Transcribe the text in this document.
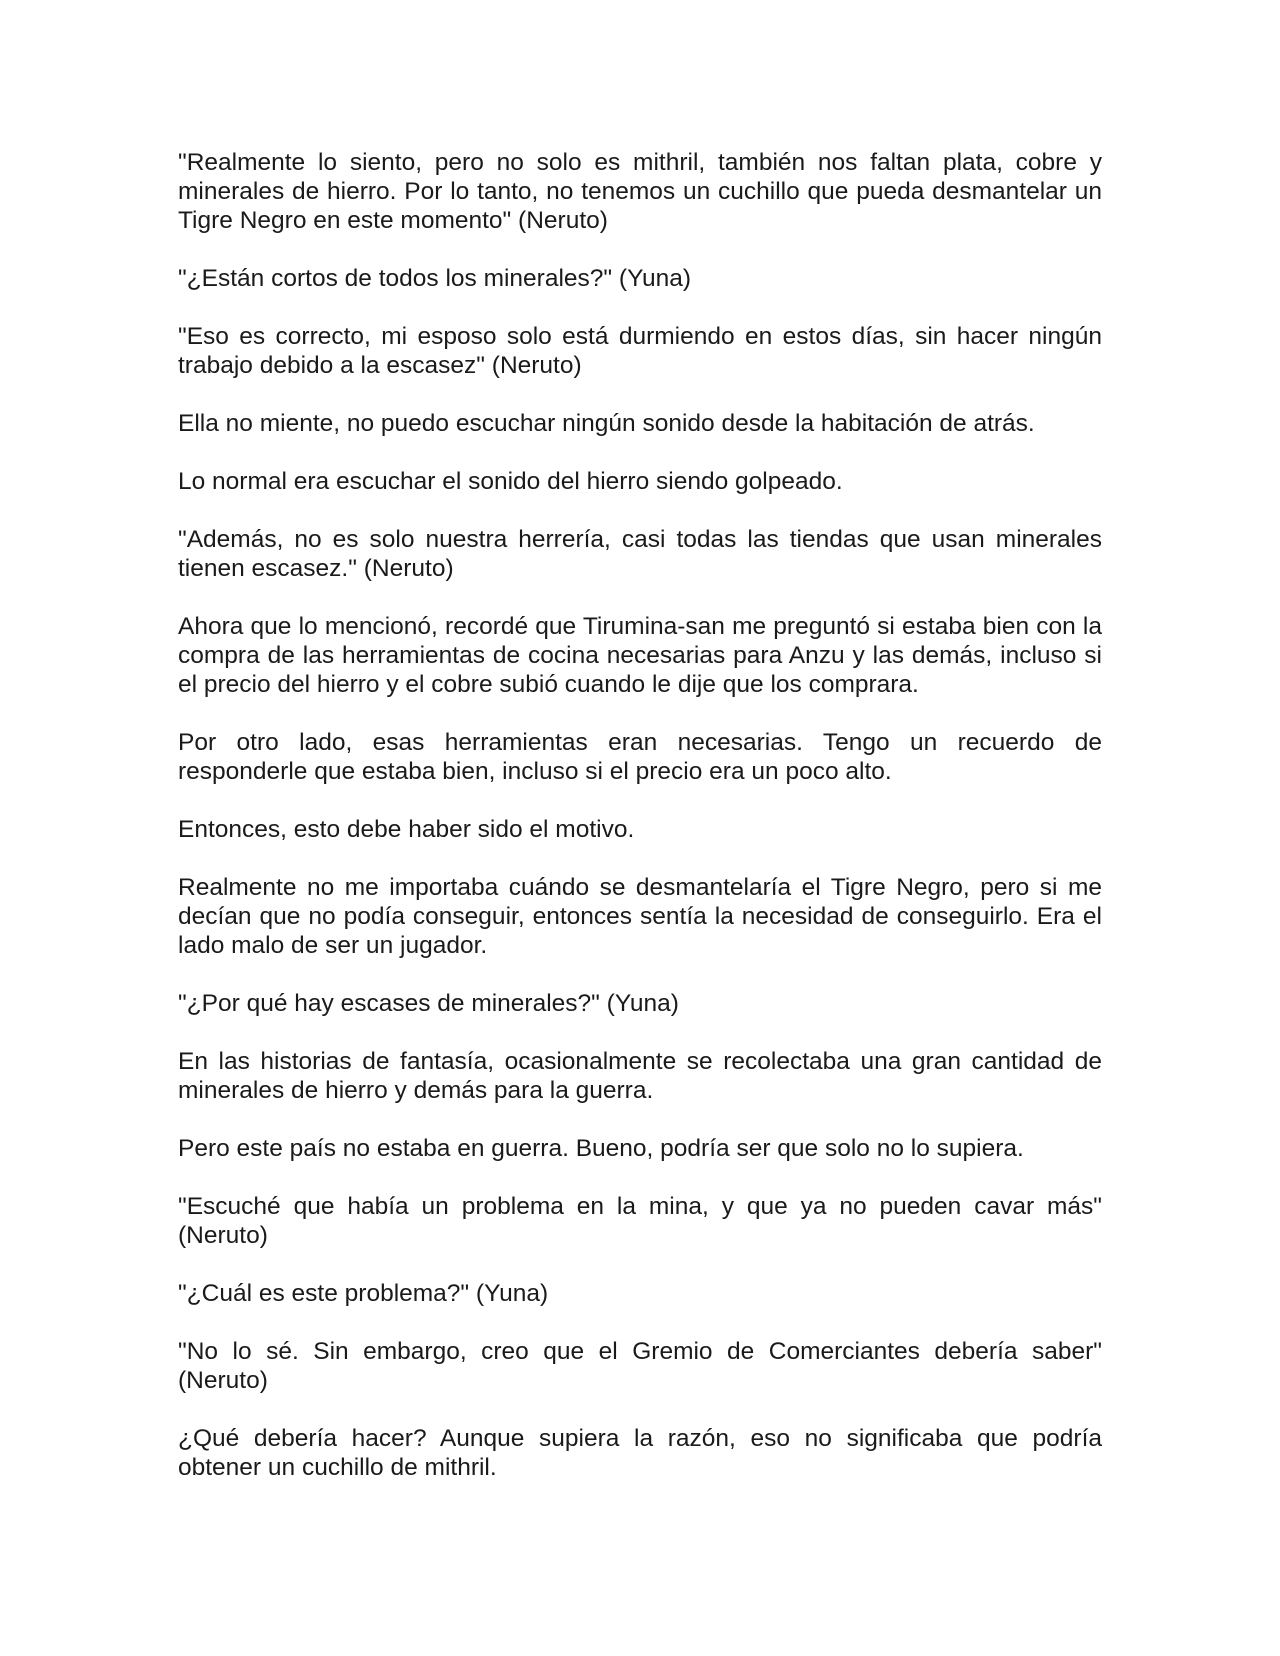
"Realmente lo siento, pero no solo es mithril, también nos faltan plata, cobre y minerales de hierro. Por lo tanto, no tenemos un cuchillo que pueda desmantelar un Tigre Negro en este momento" (Neruto)

"¿Están cortos de todos los minerales?" (Yuna)

"Eso es correcto, mi esposo solo está durmiendo en estos días, sin hacer ningún trabajo debido a la escasez" (Neruto)

Ella no miente, no puedo escuchar ningún sonido desde la habitación de atrás.

Lo normal era escuchar el sonido del hierro siendo golpeado.

"Además, no es solo nuestra herrería, casi todas las tiendas que usan minerales tienen escasez." (Neruto)

Ahora que lo mencionó, recordé que Tirumina-san me preguntó si estaba bien con la compra de las herramientas de cocina necesarias para Anzu y las demás, incluso si el precio del hierro y el cobre subió cuando le dije que los comprara.

Por otro lado, esas herramientas eran necesarias. Tengo un recuerdo de responderle que estaba bien, incluso si el precio era un poco alto.

Entonces, esto debe haber sido el motivo.

Realmente no me importaba cuándo se desmantelaría el Tigre Negro, pero si me decían que no podía conseguir, entonces sentía la necesidad de conseguirlo. Era el lado malo de ser un jugador.

"¿Por qué hay escases de minerales?" (Yuna)

En las historias de fantasía, ocasionalmente se recolectaba una gran cantidad de minerales de hierro y demás para la guerra.

Pero este país no estaba en guerra. Bueno, podría ser que solo no lo supiera.

"Escuché que había un problema en la mina, y que ya no pueden cavar más" (Neruto)

"¿Cuál es este problema?" (Yuna)

"No lo sé. Sin embargo, creo que el Gremio de Comerciantes debería saber" (Neruto)

¿Qué debería hacer? Aunque supiera la razón, eso no significaba que podría obtener un cuchillo de mithril.
